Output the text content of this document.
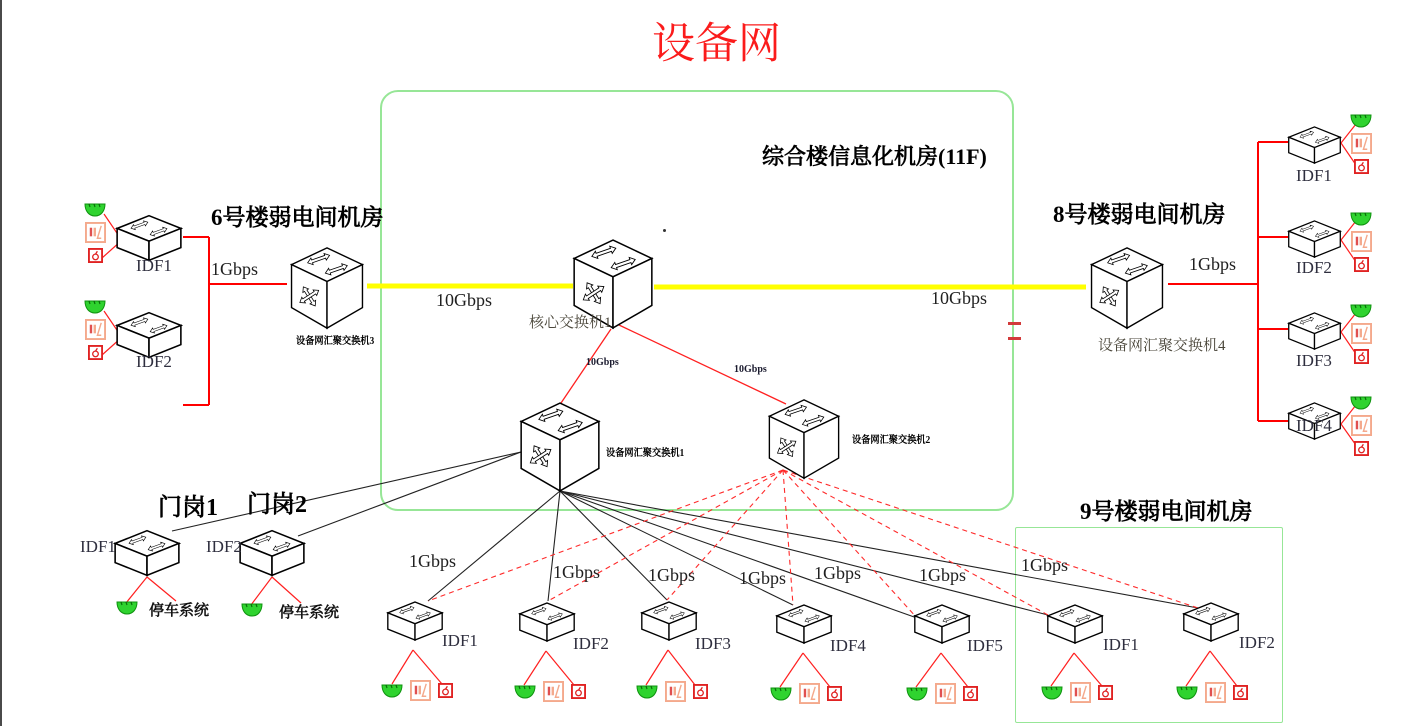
设备网
综合楼信息化机房(11F)
6号楼弱电间机房	8号楼弱电间机房
9号楼弱电间机房
核心交换机1
设备网汇聚交换机1
设备网汇聚交换机2
设备网汇聚交换机3	设备网汇聚交换机4
IDF1
IDF2
IDF1
IDF2
IDF3
IDF4
门岗1 门岗2
IDF1	IDF2
停车系统	停车系统
IDF1	IDF2	IDF3	IDF4	IDF5	IDF1	IDF2
10Gbps	10Gbps
10Gbps
10Gbps
1Gbps	1Gbps
1Gbps
1Gbps	1Gbps 1Gbps 1Gbps	1Gbps	1Gbps
